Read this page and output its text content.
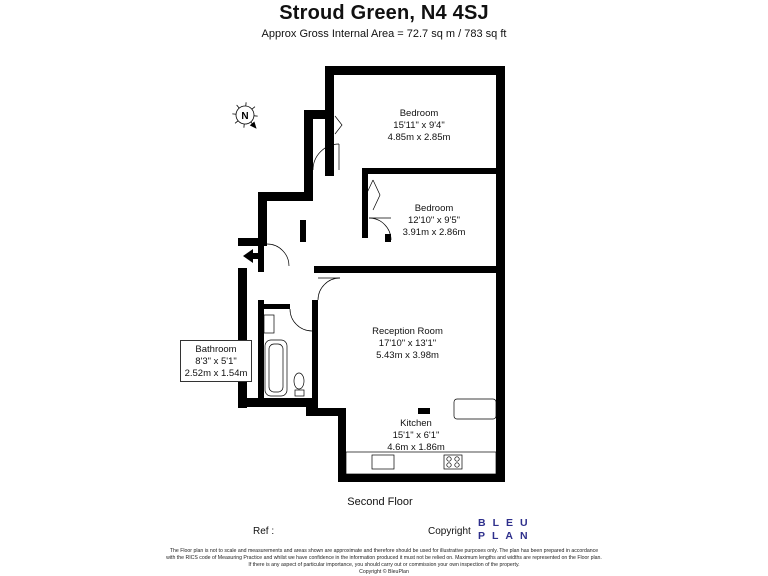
Stroud Green, N4 4SJ
Approx Gross Internal Area = 72.7 sq m / 783 sq ft
N	Bedroom
15'11" x 9'4"
4.85m x 2.85m
Bedroom
12'10" x 9'5"
3.91m x 2.86m
Reception Room
17'10" x 13'1"
5.43m x 3.98m
Kitchen
15'1" x 6'1"
4.6m x 1.86m
Bathroom
8'3" x 5'1"
2.52m x 1.54m
Second Floor
Ref :	Copyright
BLEU
PLAN
The Floor plan is not to scale and measurements and areas shown are approximate and therefore should be used for illustrative purposes only. The plan has been prepared in accordance
with the RICS code of Measuring Practice and whilst we have confidence in the information produced it must not be relied on. Maximum lengths and widths are represented on the Floor plan.
If there is any aspect of particular importance, you should carry out or commission your own inspection of the property.
Copyright © BleuPlan
